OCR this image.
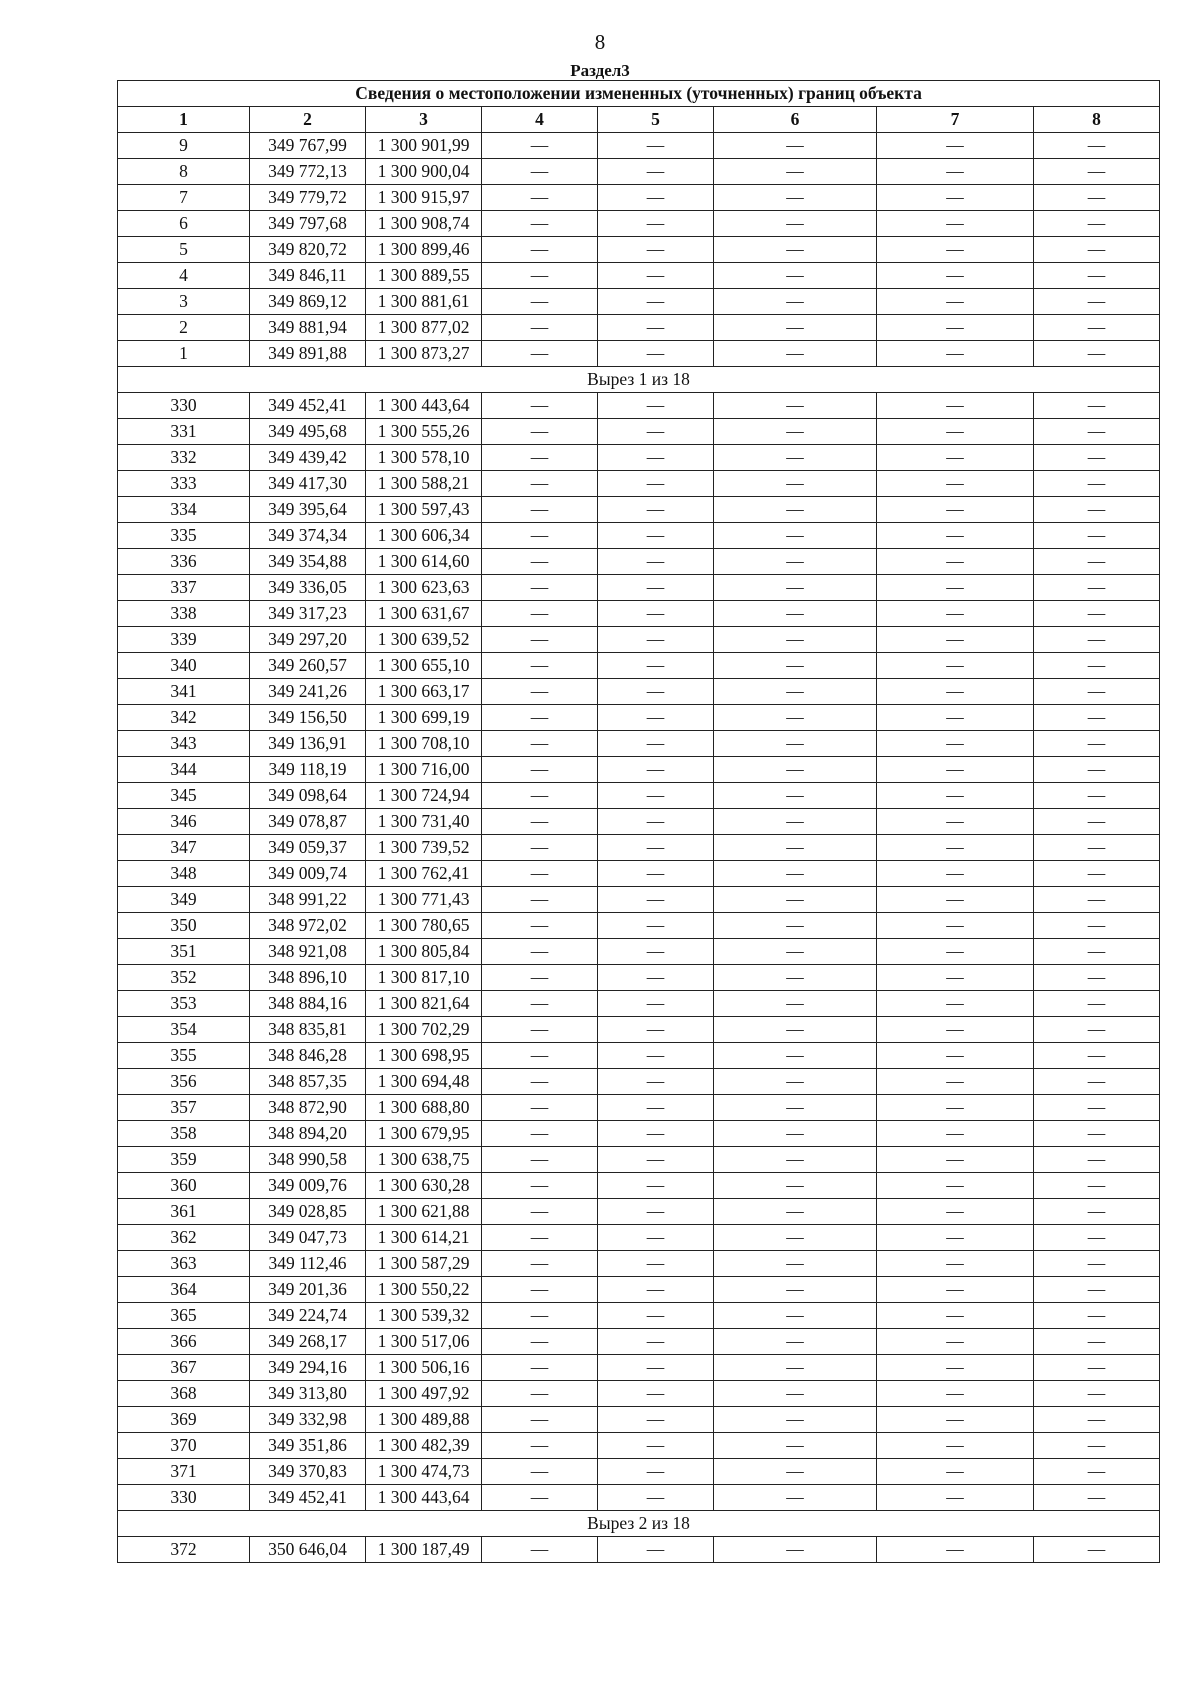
8
Раздел3
Сведения о местоположении измененных (уточненных) границ объекта							
1	2	3	4	5	6	7	8
9	349 767,99	1 300 901,99	—	—	—	—	—
8	349 772,13	1 300 900,04	—	—	—	—	—
7	349 779,72	1 300 915,97	—	—	—	—	—
6	349 797,68	1 300 908,74	—	—	—	—	—
5	349 820,72	1 300 899,46	—	—	—	—	—
4	349 846,11	1 300 889,55	—	—	—	—	—
3	349 869,12	1 300 881,61	—	—	—	—	—
2	349 881,94	1 300 877,02	—	—	—	—	—
1	349 891,88	1 300 873,27	—	—	—	—	—
Вырез 1 из 18							
330	349 452,41	1 300 443,64	—	—	—	—	—
331	349 495,68	1 300 555,26	—	—	—	—	—
332	349 439,42	1 300 578,10	—	—	—	—	—
333	349 417,30	1 300 588,21	—	—	—	—	—
334	349 395,64	1 300 597,43	—	—	—	—	—
335	349 374,34	1 300 606,34	—	—	—	—	—
336	349 354,88	1 300 614,60	—	—	—	—	—
337	349 336,05	1 300 623,63	—	—	—	—	—
338	349 317,23	1 300 631,67	—	—	—	—	—
339	349 297,20	1 300 639,52	—	—	—	—	—
340	349 260,57	1 300 655,10	—	—	—	—	—
341	349 241,26	1 300 663,17	—	—	—	—	—
342	349 156,50	1 300 699,19	—	—	—	—	—
343	349 136,91	1 300 708,10	—	—	—	—	—
344	349 118,19	1 300 716,00	—	—	—	—	—
345	349 098,64	1 300 724,94	—	—	—	—	—
346	349 078,87	1 300 731,40	—	—	—	—	—
347	349 059,37	1 300 739,52	—	—	—	—	—
348	349 009,74	1 300 762,41	—	—	—	—	—
349	348 991,22	1 300 771,43	—	—	—	—	—
350	348 972,02	1 300 780,65	—	—	—	—	—
351	348 921,08	1 300 805,84	—	—	—	—	—
352	348 896,10	1 300 817,10	—	—	—	—	—
353	348 884,16	1 300 821,64	—	—	—	—	—
354	348 835,81	1 300 702,29	—	—	—	—	—
355	348 846,28	1 300 698,95	—	—	—	—	—
356	348 857,35	1 300 694,48	—	—	—	—	—
357	348 872,90	1 300 688,80	—	—	—	—	—
358	348 894,20	1 300 679,95	—	—	—	—	—
359	348 990,58	1 300 638,75	—	—	—	—	—
360	349 009,76	1 300 630,28	—	—	—	—	—
361	349 028,85	1 300 621,88	—	—	—	—	—
362	349 047,73	1 300 614,21	—	—	—	—	—
363	349 112,46	1 300 587,29	—	—	—	—	—
364	349 201,36	1 300 550,22	—	—	—	—	—
365	349 224,74	1 300 539,32	—	—	—	—	—
366	349 268,17	1 300 517,06	—	—	—	—	—
367	349 294,16	1 300 506,16	—	—	—	—	—
368	349 313,80	1 300 497,92	—	—	—	—	—
369	349 332,98	1 300 489,88	—	—	—	—	—
370	349 351,86	1 300 482,39	—	—	—	—	—
371	349 370,83	1 300 474,73	—	—	—	—	—
330	349 452,41	1 300 443,64	—	—	—	—	—
Вырез 2 из 18							
372	350 646,04	1 300 187,49	—	—	—	—	—
